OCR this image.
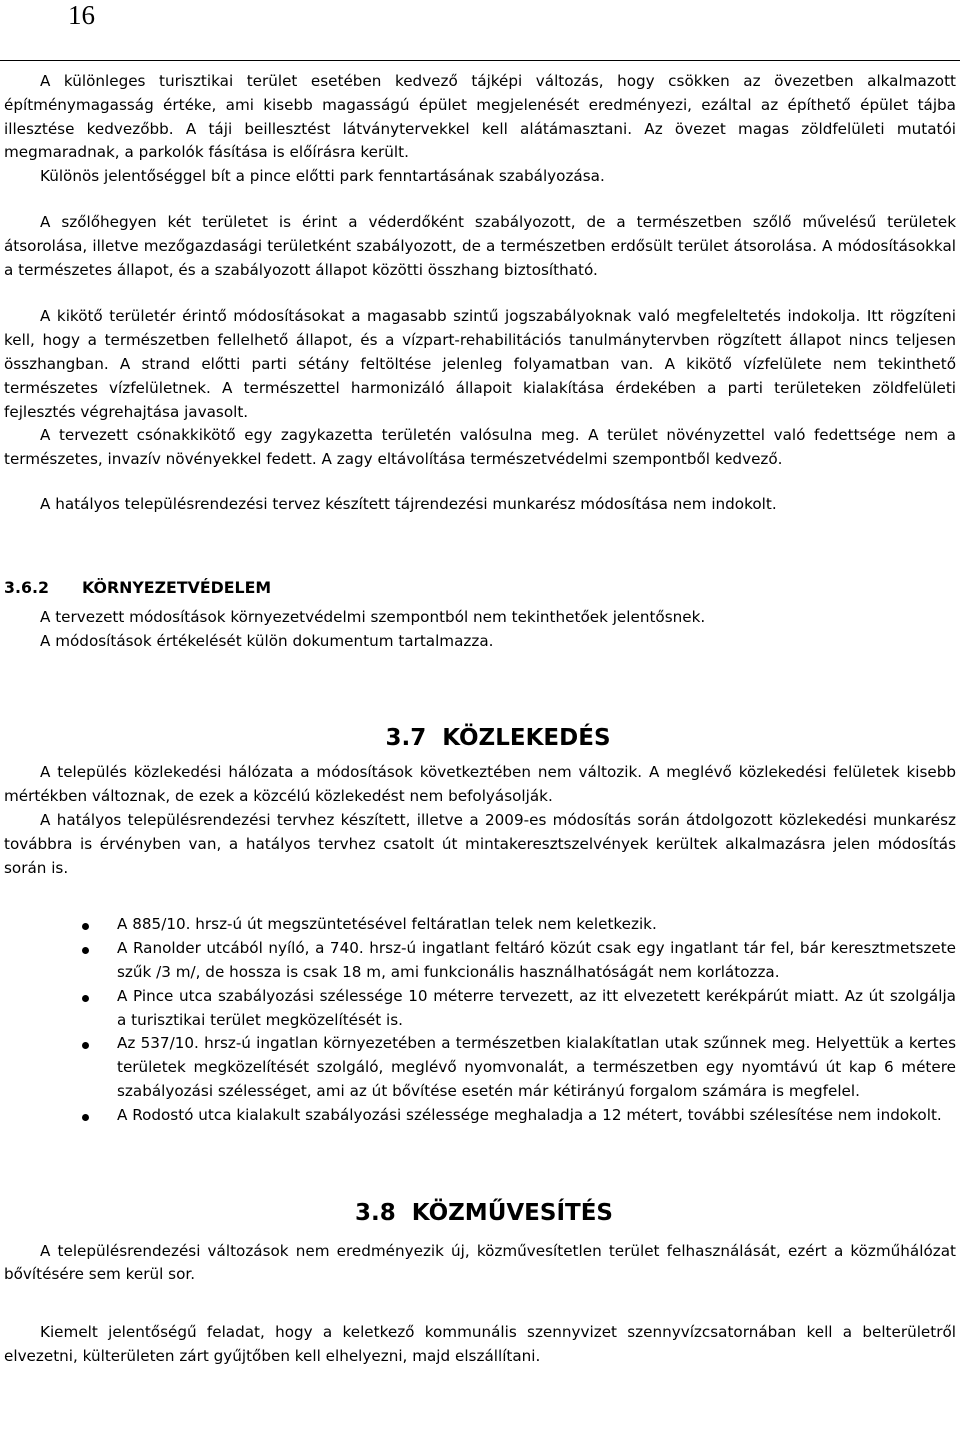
16

A különleges turisztikai terület esetében kedvező tájképi változás, hogy csökken az övezetben alkalmazott építménymagasság értéke, ami kisebb magasságú épület megjelenését eredményezi, ezáltal az építhető épület tájba illesztése kedvezőbb. A táji beillesztést látványtervekkel kell alátámasztani. Az övezet magas zöldfelületi mutatói megmaradnak, a parkolók fásítása is előírásra került.

Különös jelentőséggel bít a pince előtti park fenntartásának szabályozása.

A szőlőhegyen két területet is érint a véderdőként szabályozott, de a természetben szőlő művelésű területek átsorolása, illetve mezőgazdasági területként szabályozott, de a természetben erdősült terület átsorolása. A módosításokkal a természetes állapot, és a szabályozott állapot közötti összhang biztosítható.

A kikötő területér érintő módosításokat a magasabb szintű jogszabályoknak való megfeleltetés indokolja. Itt rögzíteni kell, hogy a természetben fellelhető állapot, és a vízpart-rehabilitációs tanulmánytervben rögzített állapot nincs teljesen összhangban. A strand előtti parti sétány feltöltése jelenleg folyamatban van. A kikötő vízfelülete nem tekinthető természetes vízfelületnek. A természettel harmonizáló állapoit kialakítása érdekében a parti területeken zöldfelületi fejlesztés végrehajtása javasolt.

A tervezett csónakkikötő egy zagykazetta területén valósulna meg. A terület növényzettel való fedettsége nem a természetes, invazív növényekkel fedett. A zagy eltávolítása természetvédelmi szempontből kedvező.

A hatályos településrendezési tervez készített tájrendezési munkarész módosítása nem indokolt.

3.6.2 KÖRNYEZETVÉDELEM

A tervezett módosítások környezetvédelmi szempontból nem tekinthetőek jelentősnek.

A módosítások értékelését külön dokumentum tartalmazza.

3.7 KÖZLEKEDÉS

A település közlekedési hálózata a módosítások következtében nem változik. A meglévő közlekedési felületek kisebb mértékben változnak, de ezek a közcélú közlekedést nem befolyásolják.

A hatályos településrendezési tervhez készített, illetve a 2009-es módosítás során átdolgozott közlekedési munkarész továbbra is érvényben van, a hatályos tervhez csatolt út mintakeresztszelvények kerültek alkalmazásra jelen módosítás során is.

A 885/10. hrsz-ú út megszüntetésével feltáratlan telek nem keletkezik.
A Ranolder utcából nyíló, a 740. hrsz-ú ingatlant feltáró közút csak egy ingatlant tár fel, bár keresztmetszete szűk /3 m/, de hossza is csak 18 m, ami funkcionális használhatóságát nem korlátozza.
A Pince utca szabályozási szélessége 10 méterre tervezett, az itt elvezetett kerékpárút miatt. Az út szolgálja a turisztikai terület megközelítését is.
Az 537/10. hrsz-ú ingatlan környezetében a természetben kialakítatlan utak szűnnek meg. Helyettük a kertes területek megközelítését szolgáló, meglévő nyomvonalát, a természetben egy nyomtávú út kap 6 métere szabályozási szélességet, ami az út bővítése esetén már kétirányú forgalom számára is megfelel.
A Rodostó utca kialakult szabályozási szélessége meghaladja a 12 métert, további szélesítése nem indokolt.
3.8 KÖZMŰVESÍTÉS

A településrendezési változások nem eredményezik új, közművesítetlen terület felhasználását, ezért a közműhálózat bővítésére sem kerül sor.

Kiemelt jelentőségű feladat, hogy a keletkező kommunális szennyvizet szennyvízcsatornában kell a belterületről elvezetni, külterületen zárt gyűjtőben kell elhelyezni, majd elszállítani.
